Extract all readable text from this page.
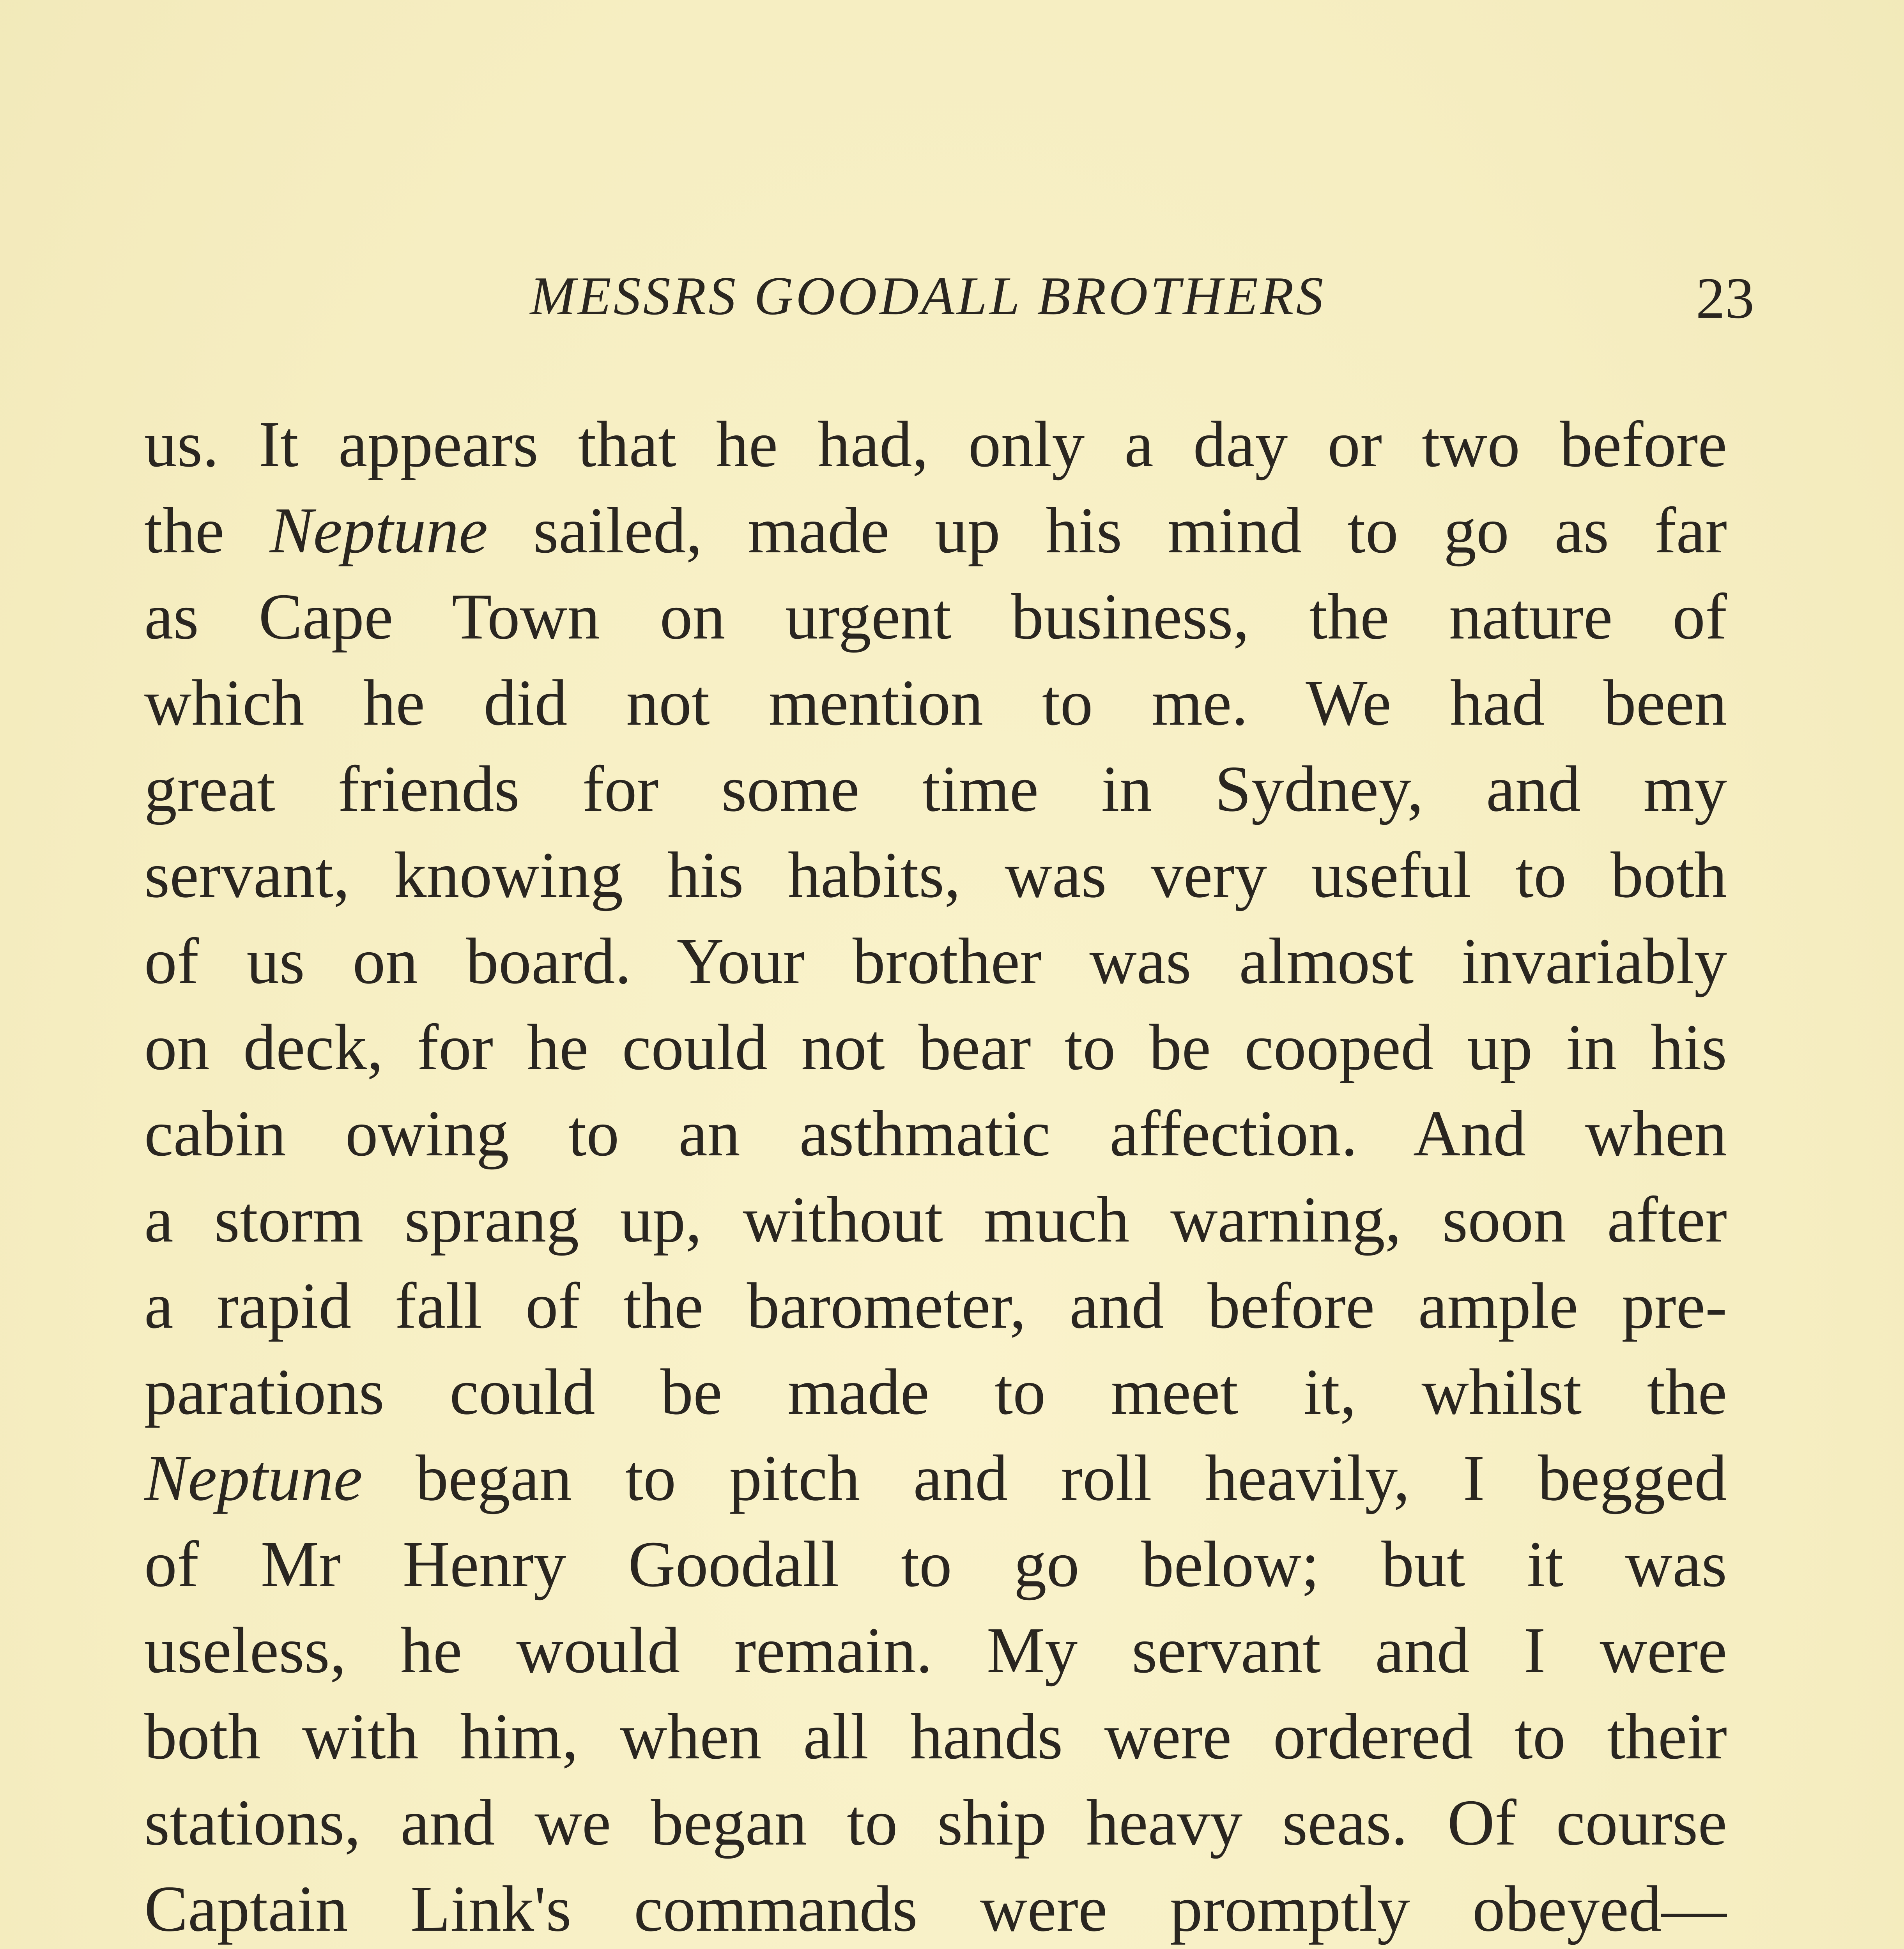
MESSRS GOODALL BROTHERS	23
us. It appears that he had, only a day or two before
the Neptune sailed, made up his mind to go as far
as Cape Town on urgent business, the nature of
which he did not mention to me. We had been
great friends for some time in Sydney, and my
servant, knowing his habits, was very useful to both
of us on board. Your brother was almost invariably
on deck, for he could not bear to be cooped up in his
cabin owing to an asthmatic affection. And when
a storm sprang up, without much warning, soon after
a rapid fall of the barometer, and before ample pre-
parations could be made to meet it, whilst the
Neptune began to pitch and roll heavily, I begged
of Mr Henry Goodall to go below; but it was
useless, he would remain. My servant and I were
both with him, when all hands were ordered to their
stations, and we began to ship heavy seas. Of course
Captain Link's commands were promptly obeyed—
